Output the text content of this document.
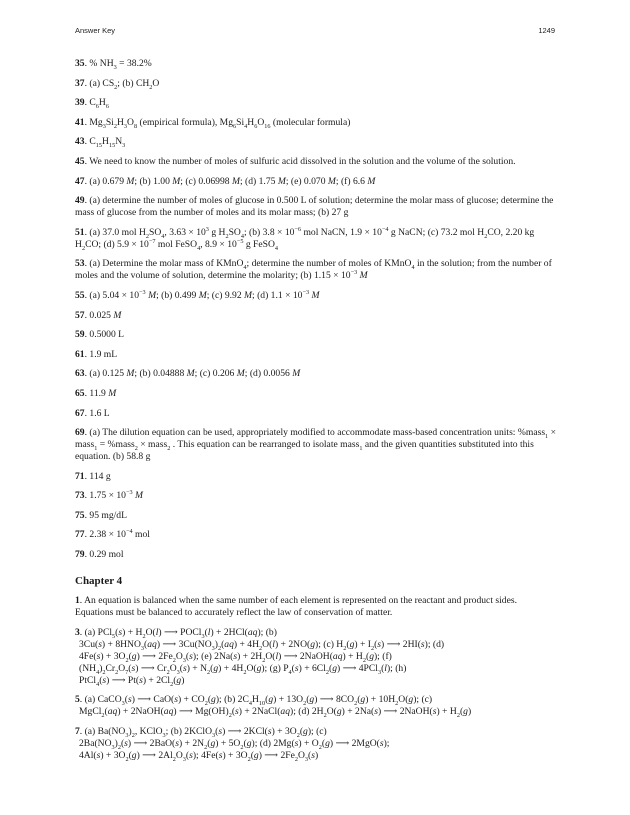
Answer Key	1249
35. % $NH_3 = 38.2\%$
37. (a) $CS_2$; (b) $CH_2O$
39. $C_6H_6$
41. $Mg_3Si_2H_3O_8$ (empirical formula), $Mg_6Si_4H_6O_{16}$ (molecular formula)
43. $C_{15}H_{15}N_3$
45. We need to know the number of moles of sulfuric acid dissolved in the solution and the volume of the solution.
47. (a) 0.679 M; (b) 1.00 M; (c) 0.06998 M; (d) 1.75 M; (e) 0.070 M; (f) 6.6 M
49. (a) determine the number of moles of glucose in 0.500 L of solution; determine the molar mass of glucose; determine the mass of glucose from the number of moles and its molar mass; (b) 27 g
51. (a) 37.0 mol $H_2SO_4$, $3.63 \times 10^3$ g $H_2SO_4$; (b) $3.8 \times 10^{-6}$ mol NaCN, $1.9 \times 10^{-4}$ g NaCN; (c) 73.2 mol $H_2CO$, 2.20 kg $H_2CO$; (d) $5.9 \times 10^{-7}$ mol FeSO$_4$, $8.9 \times 10^{-5}$ g FeSO$_4$
53. (a) Determine the molar mass of KMnO$_4$; determine the number of moles of KMnO$_4$ in the solution; from the number of moles and the volume of solution, determine the molarity; (b) $1.15 \times 10^{-3}$ M
55. (a) $5.04 \times 10^{-3}$ M; (b) 0.499 M; (c) 9.92 M; (d) $1.1 \times 10^{-3}$ M
57. 0.025 M
59. 0.5000 L
61. 1.9 mL
63. (a) 0.125 M; (b) 0.04888 M; (c) 0.206 M; (d) 0.0056 M
65. 11.9 M
67. 1.6 L
69. (a) The dilution equation can be used, appropriately modified to accommodate mass-based concentration units: %mass$_1$ × mass$_1$ = %mass$_2$ × mass$_2$ . This equation can be rearranged to isolate mass$_1$ and the given quantities substituted into this equation. (b) 58.8 g
71. 114 g
73. $1.75 \times 10^{-3}$ M
75. 95 mg/dL
77. $2.38 \times 10^{-4}$ mol
79. 0.29 mol
Chapter 4
1. An equation is balanced when the same number of each element is represented on the reactant and product sides. Equations must be balanced to accurately reflect the law of conservation of matter.
3. (a) $PCl_5(s) + H_2O(l)$ ⟶ POCl$_3$(l) + 2HCl(aq); (b)
$3Cu(s) + 8HNO_3(aq)$ ⟶ $3Cu(NO_3)_2(aq) + 4H_2O(l) + 2NO(g)$; (c) $H_2(g) + I_2(s)$ ⟶ 2HI(s); (d)
$4Fe(s) + 3O_2(g)$ ⟶ $2Fe_2O_3(s)$; (e) $2Na(s) + 2H_2O(l)$ ⟶ 2NaOH(aq) + $H_2(g)$; (f)
$(NH_4)_2Cr_2O_7(s)$ ⟶ $Cr_2O_3(s) + N_2(g) + 4H_2O(g)$; (g) $P_4(s) + 6Cl_2(g)$ ⟶ 4PCl$_3$(l); (h)
PtCl$_4$(s) ⟶ $Pt(s) + 2Cl_2(g)$
5. (a) CaCO$_3$(s) ⟶ $CaO(s) + CO_2(g)$; (b) $2C_4H_{10}(g) + 13O_2(g)$ ⟶ $8CO_2(g) + 10H_2O(g)$; (c)
MgCl$_2$(aq) + 2NaOH(aq) ⟶ $Mg(OH)_2(s)$ + 2NaCl(aq); (d) $2H_2O(g) + 2Na(s)$ ⟶ 2NaOH(s) + $H_2(g)$
7. (a) $Ba(NO_3)_2$, KClO$_3$; (b) 2KClO$_3$(s) ⟶ $2KCl(s) + 3O_2(g)$; (c)
$2Ba(NO_3)_2(s)$ ⟶ $2BaO(s) + 2N_2(g) + 5O_2(g)$; (d) $2Mg(s) + O_2(g)$ ⟶ 2MgO(s);
$4Al(s) + 3O_2(g)$ ⟶ $2Al_2O_3(s)$; $4Fe(s) + 3O_2(g)$ ⟶ $2Fe_2O_3(s)$
